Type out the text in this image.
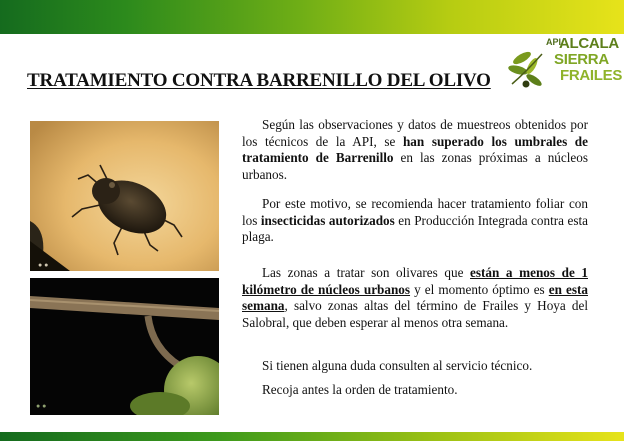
API
ALCALA
SIERRA
FRAILES
TRATAMIENTO CONTRA BARRENILLO DEL OLIVO
● ●
● ●

Según las observaciones y datos de muestreos obtenidos por los técnicos de la API, se han superado los umbrales de tratamiento de Barrenillo en las zonas próximas a núcleos urbanos.

Por este motivo, se recomienda hacer tratamiento foliar con los insecticidas autorizados en Producción Integrada contra esta plaga.

Las zonas a tratar son olivares que están a menos de 1 kilómetro de núcleos urbanos y el momento óptimo es en esta semana, salvo zonas altas del término de Frailes y Hoya del Salobral, que deben esperar al menos otra semana.

Si tienen alguna duda consulten al servicio técnico.

Recoja antes la orden de tratamiento.
